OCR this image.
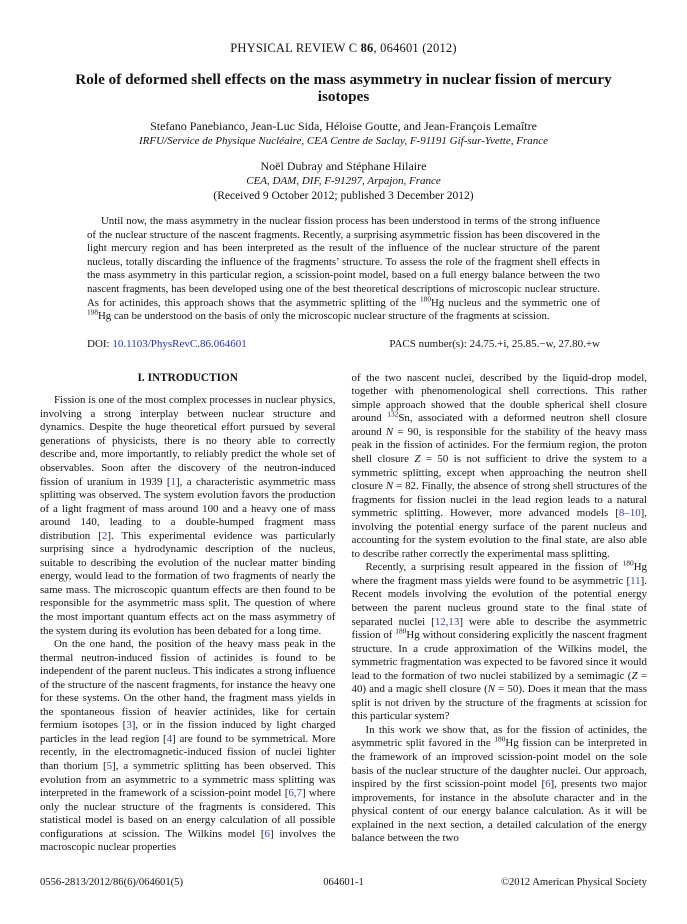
PHYSICAL REVIEW C 86, 064601 (2012)
Role of deformed shell effects on the mass asymmetry in nuclear fission of mercury isotopes
Stefano Panebianco, Jean-Luc Sida, Héloise Goutte, and Jean-François Lemaître
IRFU/Service de Physique Nucléaire, CEA Centre de Saclay, F-91191 Gif-sur-Yvette, France
Noël Dubray and Stéphane Hilaire
CEA, DAM, DIF, F-91297, Arpajon, France
(Received 9 October 2012; published 3 December 2012)
Until now, the mass asymmetry in the nuclear fission process has been understood in terms of the strong influence of the nuclear structure of the nascent fragments. Recently, a surprising asymmetric fission has been discovered in the light mercury region and has been interpreted as the result of the influence of the nuclear structure of the parent nucleus, totally discarding the influence of the fragments’ structure. To assess the role of the fragment shell effects in the mass asymmetry in this particular region, a scission-point model, based on a full energy balance between the two nascent fragments, has been developed using one of the best theoretical descriptions of microscopic nuclear structure. As for actinides, this approach shows that the asymmetric splitting of the $^{180}$Hg nucleus and the symmetric one of $^{198}$Hg can be understood on the basis of only the microscopic nuclear structure of the fragments at scission.
DOI: 10.1103/PhysRevC.86.064601	PACS number(s): 24.75.+i, 25.85.−w, 27.80.+w
I. INTRODUCTION
Fission is one of the most complex processes in nuclear physics, involving a strong interplay between nuclear structure and dynamics. Despite the huge theoretical effort pursued by several generations of physicists, there is no theory able to correctly describe and, more importantly, to reliably predict the whole set of observables. Soon after the discovery of the neutron-induced fission of uranium in 1939 [1], a characteristic asymmetric mass splitting was observed. The system evolution favors the production of a light fragment of mass around 100 and a heavy one of mass around 140, leading to a double-humped fragment mass distribution [2]. This experimental evidence was particularly surprising since a hydrodynamic description of the nucleus, suitable to describing the evolution of the nuclear matter binding energy, would lead to the formation of two fragments of nearly the same mass. The microscopic quantum effects are then found to be responsible for the asymmetric mass split. The question of where the most important quantum effects act on the mass asymmetry of the system during its evolution has been debated for a long time.
On the one hand, the position of the heavy mass peak in the thermal neutron-induced fission of actinides is found to be independent of the parent nucleus. This indicates a strong influence of the structure of the nascent fragments, for instance the heavy one for these systems. On the other hand, the fragment mass yields in the spontaneous fission of heavier actinides, like for certain fermium isotopes [3], or in the fission induced by light charged particles in the lead region [4] are found to be symmetrical. More recently, in the electromagnetic-induced fission of nuclei lighter than thorium [5], a symmetric splitting has been observed. This evolution from an asymmetric to a symmetric mass splitting was interpreted in the framework of a scission-point model [6,7] where only the nuclear structure of the fragments is considered. This statistical model is based on an energy calculation of all possible configurations at scission. The Wilkins model [6] involves the macroscopic nuclear properties
of the two nascent nuclei, described by the liquid-drop model, together with phenomenological shell corrections. This rather simple approach showed that the double spherical shell closure around $^{132}$Sn, associated with a deformed neutron shell closure around N = 90, is responsible for the stability of the heavy mass peak in the fission of actinides. For the fermium region, the proton shell closure Z = 50 is not sufficient to drive the system to a symmetric splitting, except when approaching the neutron shell closure N = 82. Finally, the absence of strong shell structures of the fragments for fission nuclei in the lead region leads to a natural symmetric splitting. However, more advanced models [8–10], involving the potential energy surface of the parent nucleus and accounting for the system evolution to the final state, are also able to describe rather correctly the experimental mass splitting.
Recently, a surprising result appeared in the fission of $^{180}$Hg where the fragment mass yields were found to be asymmetric [11]. Recent models involving the evolution of the potential energy between the parent nucleus ground state to the final state of separated nuclei [12,13] were able to describe the asymmetric fission of $^{180}$Hg without considering explicitly the nascent fragment structure. In a crude approximation of the Wilkins model, the symmetric fragmentation was expected to be favored since it would lead to the formation of two nuclei stabilized by a semimagic (Z = 40) and a magic shell closure (N = 50). Does it mean that the mass split is not driven by the structure of the fragments at scission for this particular system?
In this work we show that, as for the fission of actinides, the asymmetric split favored in the $^{180}$Hg fission can be interpreted in the framework of an improved scission-point model on the sole basis of the nuclear structure of the daughter nuclei. Our approach, inspired by the first scission-point model [6], presents two major improvements, for instance in the absolute character and in the physical content of our energy balance calculation. As it will be explained in the next section, a detailed calculation of the energy balance between the two
0556-2813/2012/86(6)/064601(5)	064601-1	©2012 American Physical Society
